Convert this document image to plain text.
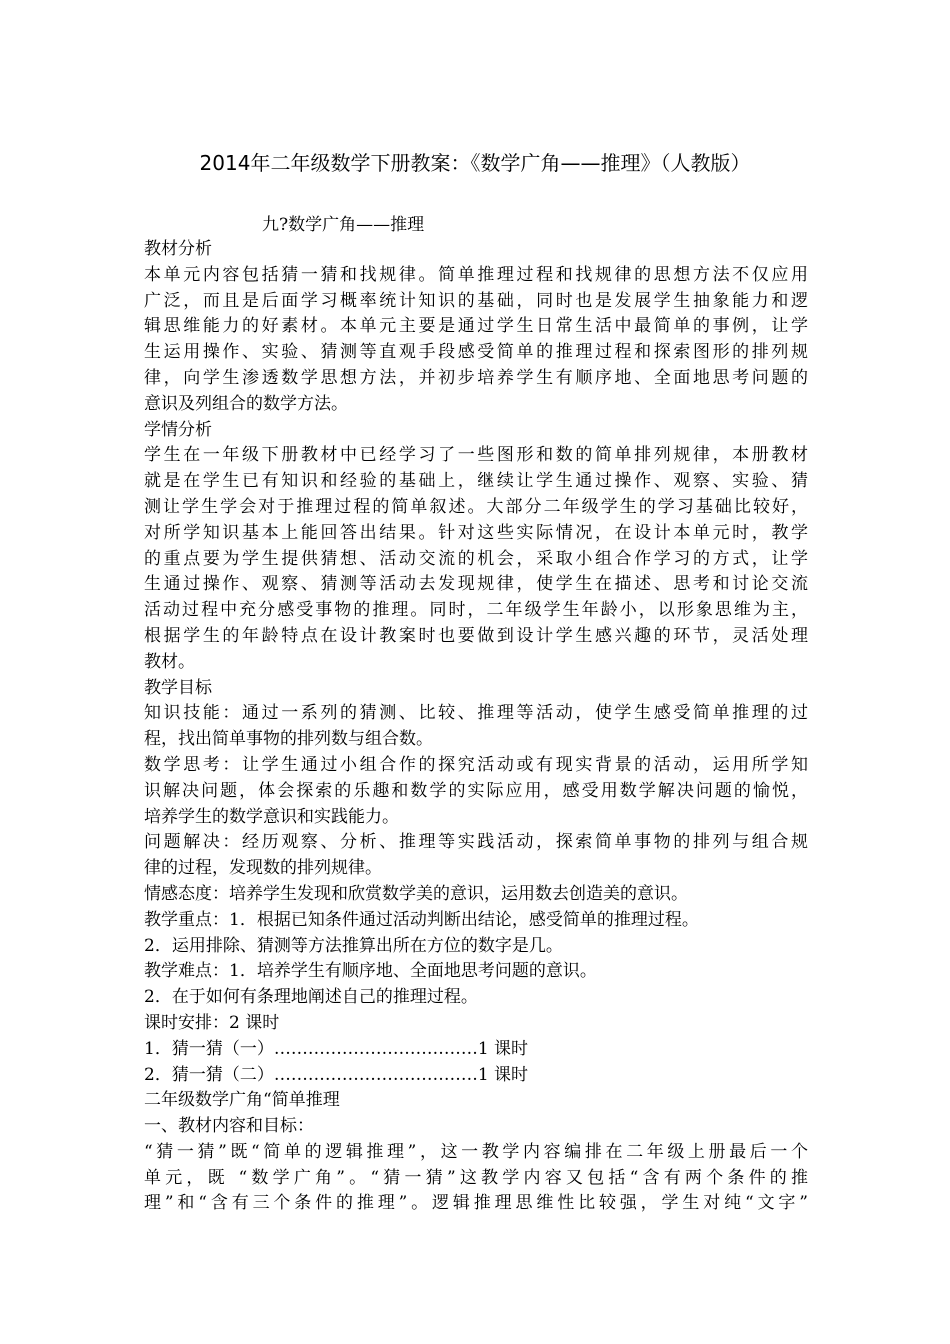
2014年二年级数学下册教案：《数学广角——推理》（人教版）
九?数学广角——推理
教材分析
本单元内容包括猜一猜和找规律。简单推理过程和找规律的思想方法不仅应用
广泛，而且是后面学习概率统计知识的基础，同时也是发展学生抽象能力和逻
辑思维能力的好素材。本单元主要是通过学生日常生活中最简单的事例，让学
生运用操作、实验、猜测等直观手段感受简单的推理过程和探索图形的排列规
律，向学生渗透数学思想方法，并初步培养学生有顺序地、全面地思考问题的
意识及列组合的数学方法。
学情分析
学生在一年级下册教材中已经学习了一些图形和数的简单排列规律，本册教材
就是在学生已有知识和经验的基础上，继续让学生通过操作、观察、实验、猜
测让学生学会对于推理过程的简单叙述。大部分二年级学生的学习基础比较好，
对所学知识基本上能回答出结果。针对这些实际情况，在设计本单元时，教学
的重点要为学生提供猜想、活动交流的机会，采取小组合作学习的方式，让学
生通过操作、观察、猜测等活动去发现规律，使学生在描述、思考和讨论交流
活动过程中充分感受事物的推理。同时，二年级学生年龄小，以形象思维为主，
根据学生的年龄特点在设计教案时也要做到设计学生感兴趣的环节，灵活处理
教材。
教学目标
知识技能：通过一系列的猜测、比较、推理等活动，使学生感受简单推理的过
程，找出简单事物的排列数与组合数。
数学思考：让学生通过小组合作的探究活动或有现实背景的活动，运用所学知
识解决问题，体会探索的乐趣和数学的实际应用，感受用数学解决问题的愉悦，
培养学生的数学意识和实践能力。
问题解决：经历观察、分析、推理等实践活动，探索简单事物的排列与组合规
律的过程，发现数的排列规律。
情感态度：培养学生发现和欣赏数学美的意识，运用数去创造美的意识。
教学重点：1．根据已知条件通过活动判断出结论，感受简单的推理过程。
2．运用排除、猜测等方法推算出所在方位的数字是几。
教学难点：1．培养学生有顺序地、全面地思考问题的意识。
2．在于如何有条理地阐述自己的推理过程。
课时安排：2 课时
1．猜一猜（一）………………………………1 课时
2．猜一猜（二）………………………………1 课时
二年级数学广角“简单推理
一、教材内容和目标：
“猜一猜”既“简单的逻辑推理”，这一教学内容编排在二年级上册最后一个
单元，既 “数学广角”。“猜一猜”这教学内容又包括“含有两个条件的推
理”和“含有三个条件的推理”。逻辑推理思维性比较强，学生对纯“文字”
